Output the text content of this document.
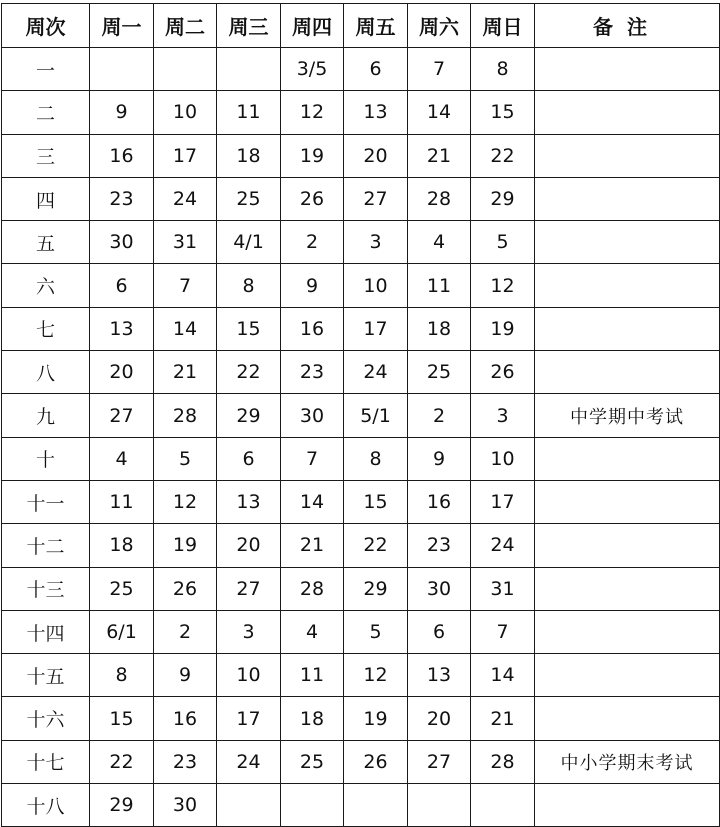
周次	周一	周二	周三	周四	周五	周六	周日	备注
一				3/5	6	7	8	
二	9	10	11	12	13	14	15	
三	16	17	18	19	20	21	22	
四	23	24	25	26	27	28	29	
五	30	31	4/1	2	3	4	5	
六	6	7	8	9	10	11	12	
七	13	14	15	16	17	18	19	
八	20	21	22	23	24	25	26	
九	27	28	29	30	5/1	2	3	中学期中考试
十	4	5	6	7	8	9	10	
十一	11	12	13	14	15	16	17	
十二	18	19	20	21	22	23	24	
十三	25	26	27	28	29	30	31	
十四	6/1	2	3	4	5	6	7	
十五	8	9	10	11	12	13	14	
十六	15	16	17	18	19	20	21	
十七	22	23	24	25	26	27	28	中小学期末考试
十八	29	30						
